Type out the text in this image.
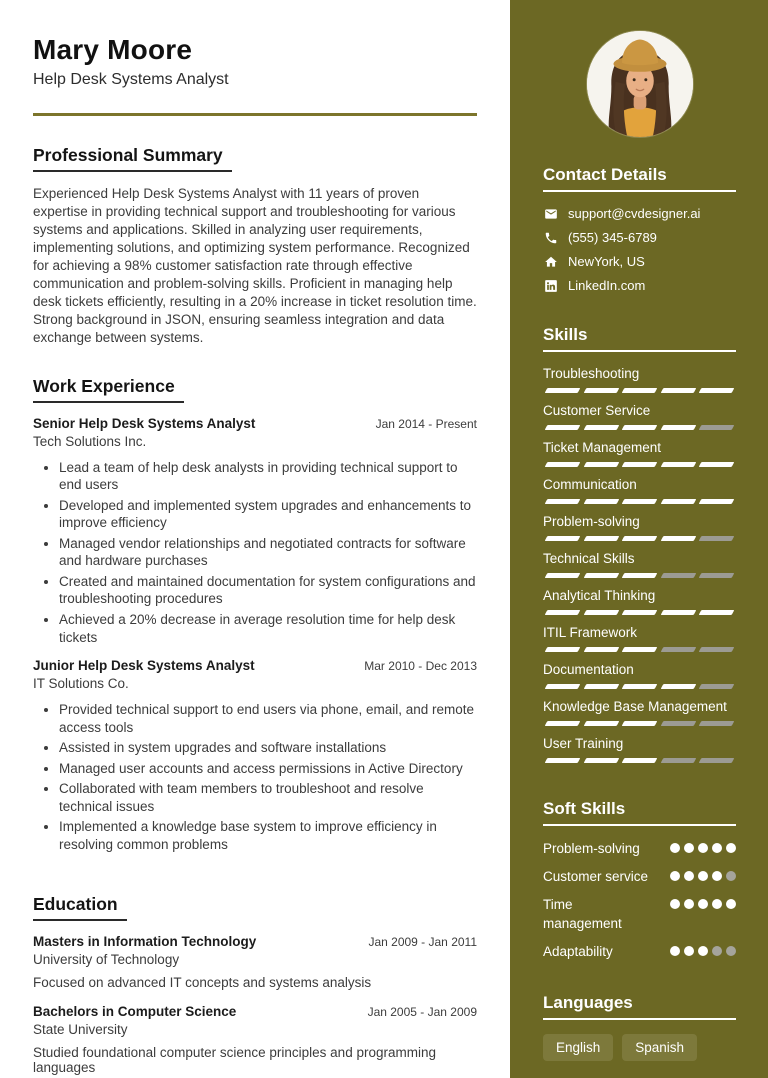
Mary Moore
Help Desk Systems Analyst
Professional Summary

Experienced Help Desk Systems Analyst with 11 years of proven expertise in providing technical support and troubleshooting for various systems and applications. Skilled in analyzing user requirements, implementing solutions, and optimizing system performance. Recognized for achieving a 98% customer satisfaction rate through effective communication and problem-solving skills. Proficient in managing help desk tickets efficiently, resulting in a 20% increase in ticket resolution time. Strong background in JSON, ensuring seamless integration and data exchange between systems.

Work Experience
Senior Help Desk Systems Analyst	Jan 2014 - Present
Tech Solutions Inc.
• Lead a team of help desk analysts in providing technical support to end users
• Developed and implemented system upgrades and enhancements to improve efficiency
• Managed vendor relationships and negotiated contracts for software and hardware purchases
• Created and maintained documentation for system configurations and troubleshooting procedures
• Achieved a 20% decrease in average resolution time for help desk tickets
Junior Help Desk Systems Analyst	Mar 2010 - Dec 2013
IT Solutions Co.
• Provided technical support to end users via phone, email, and remote access tools
• Assisted in system upgrades and software installations
• Managed user accounts and access permissions in Active Directory
• Collaborated with team members to troubleshoot and resolve technical issues
• Implemented a knowledge base system to improve efficiency in resolving common problems
Education
Masters in Information Technology	Jan 2009 - Jan 2011
University of Technology
Focused on advanced IT concepts and systems analysis
Bachelors in Computer Science	Jan 2005 - Jan 2009
State University
Studied foundational computer science principles and programming languages
Contact Details
support@cvdesigner.ai
(555) 345-6789
NewYork, US
LinkedIn.com
Skills
Troubleshooting
Customer Service
Ticket Management
Communication
Problem-solving
Technical Skills
Analytical Thinking
ITIL Framework
Documentation
Knowledge Base Management
User Training
Soft Skills
Problem-solving
Customer service
Time management
Adaptability
Languages
English	Spanish
